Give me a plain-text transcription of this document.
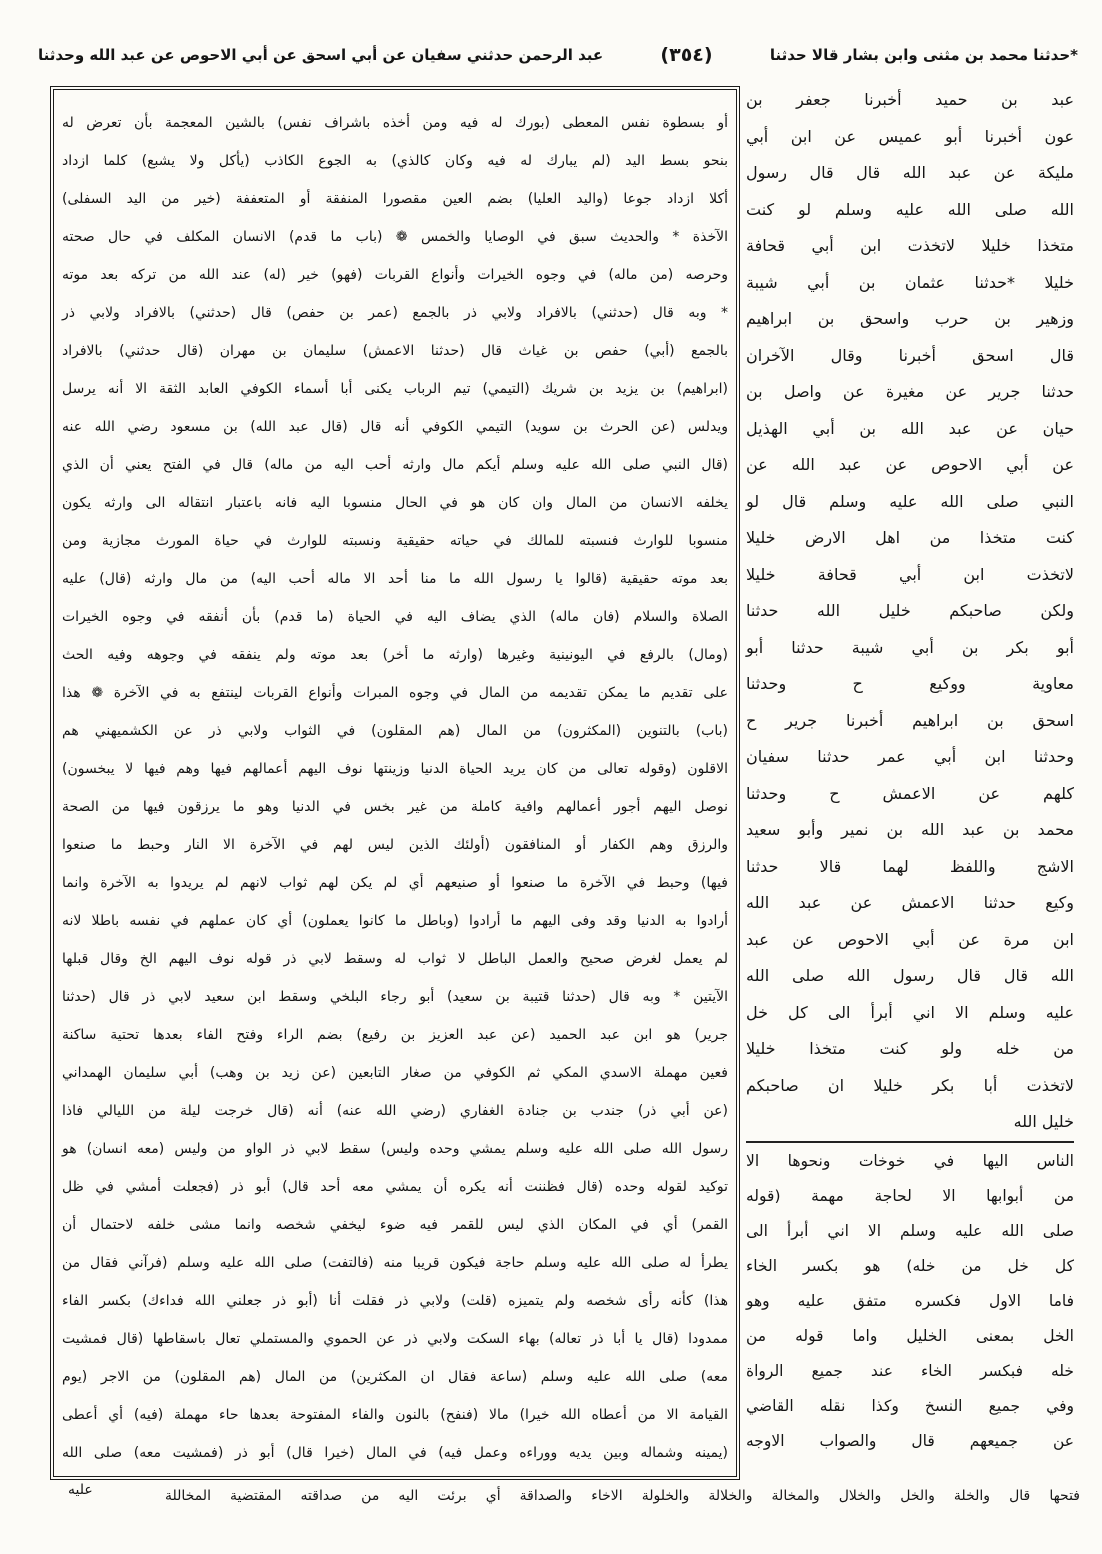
*حدثنا محمد بن مثنى وابن بشار قالا حدثنا
(٣٥٤)
عبد الرحمن حدثني سفيان عن أبي اسحق عن أبي الاحوص عن عبد الله وحدثنا
أو بسطوة نفس المعطى (بورك له فيه ومن أخذه باشراف نفس) بالشين المعجمة بأن تعرض له
بنحو بسط اليد (لم يبارك له فيه وكان كالذي) به الجوع الكاذب (يأكل ولا يشبع) كلما ازداد
أكلا ازداد جوعا (واليد العليا) بضم العين مقصورا المنفقة أو المتعففة (خير من اليد السفلى)
الآخذة * والحديث سبق في الوصايا والخمس ❁ (باب ما قدم) الانسان المكلف في حال صحته
وحرصه (من ماله) في وجوه الخيرات وأنواع القربات (فهو) خير (له) عند الله من تركه بعد موته
* وبه قال (حدثني) بالافراد ولابي ذر بالجمع (عمر بن حفص) قال (حدثني) بالافراد ولابي ذر
بالجمع (أبي) حفص بن غياث قال (حدثنا الاعمش) سليمان بن مهران (قال حدثني) بالافراد
(ابراهيم) بن يزيد بن شريك (التيمي) تيم الرباب يكنى أبا أسماء الكوفي العابد الثقة الا أنه يرسل
ويدلس (عن الحرث بن سويد) التيمي الكوفي أنه قال (قال عبد الله) بن مسعود رضي الله عنه
(قال النبي صلى الله عليه وسلم أيكم مال وارثه أحب اليه من ماله) قال في الفتح يعني أن الذي
يخلفه الانسان من المال وان كان هو في الحال منسوبا اليه فانه باعتبار انتقاله الى وارثه يكون
منسوبا للوارث فنسبته للمالك في حياته حقيقية ونسبته للوارث في حياة المورث مجازية ومن
بعد موته حقيقية (قالوا يا رسول الله ما منا أحد الا ماله أحب اليه) من مال وارثه (قال) عليه
الصلاة والسلام (فان ماله) الذي يضاف اليه في الحياة (ما قدم) بأن أنفقه في وجوه الخيرات
(ومال) بالرفع في اليونينية وغيرها (وارثه ما أخر) بعد موته ولم ينفقه في وجوهه وفيه الحث
على تقديم ما يمكن تقديمه من المال في وجوه المبرات وأنواع القربات لينتفع به في الآخرة ❁ هذا
(باب) بالتنوين (المكثرون) من المال (هم المقلون) في الثواب ولابي ذر عن الكشميهني هم
الاقلون (وقوله تعالى من كان يريد الحياة الدنيا وزينتها نوف اليهم أعمالهم فيها وهم فيها لا يبخسون)
نوصل اليهم أجور أعمالهم وافية كاملة من غير بخس في الدنيا وهو ما يرزقون فيها من الصحة
والرزق وهم الكفار أو المنافقون (أولئك الذين ليس لهم في الآخرة الا النار وحبط ما صنعوا
فيها) وحبط في الآخرة ما صنعوا أو صنيعهم أي لم يكن لهم ثواب لانهم لم يريدوا به الآخرة وانما
أرادوا به الدنيا وقد وفى اليهم ما أرادوا (وباطل ما كانوا يعملون) أي كان عملهم في نفسه باطلا لانه
لم يعمل لغرض صحيح والعمل الباطل لا ثواب له وسقط لابي ذر قوله نوف اليهم الخ وقال قبلها
الآيتين * وبه قال (حدثنا قتيبة بن سعيد) أبو رجاء البلخي وسقط ابن سعيد لابي ذر قال (حدثنا
جرير) هو ابن عبد الحميد (عن عبد العزيز بن رفيع) بضم الراء وفتح الفاء بعدها تحتية ساكنة
فعين مهملة الاسدي المكي ثم الكوفي من صغار التابعين (عن زيد بن وهب) أبي سليمان الهمداني
(عن أبي ذر) جندب بن جنادة الغفاري (رضي الله عنه) أنه (قال خرجت ليلة من الليالي فاذا
رسول الله صلى الله عليه وسلم يمشي وحده وليس) سقط لابي ذر الواو من وليس (معه انسان) هو
توكيد لقوله وحده (قال فظننت أنه يكره أن يمشي معه أحد قال) أبو ذر (فجعلت أمشي في ظل
القمر) أي في المكان الذي ليس للقمر فيه ضوء ليخفي شخصه وانما مشى خلفه لاحتمال أن
يطرأ له صلى الله عليه وسلم حاجة فيكون قريبا منه (فالتفت) صلى الله عليه وسلم (فرآني فقال من
هذا) كأنه رأى شخصه ولم يتميزه (قلت) ولابي ذر فقلت أنا (أبو ذر جعلني الله فداءك) بكسر الفاء
ممدودا (قال يا أبا ذر تعاله) بهاء السكت ولابي ذر عن الحموي والمستملي تعال باسقاطها (قال فمشيت
معه) صلى الله عليه وسلم (ساعة فقال ان المكثرين) من المال (هم المقلون) من الاجر (يوم
القيامة الا من أعطاه الله خيرا) مالا (فنفح) بالنون والفاء المفتوحة بعدها حاء مهملة (فيه) أي أعطى
(يمينه وشماله وبين يديه ووراءه وعمل فيه) في المال (خيرا قال) أبو ذر (فمشيت معه) صلى الله
عبد بن حميد أخبرنا جعفر بن
عون أخبرنا أبو عميس عن ابن أبي
مليكة عن عبد الله قال قال رسول
الله صلى الله عليه وسلم لو كنت
متخذا خليلا لاتخذت ابن أبي قحافة
خليلا *حدثنا عثمان بن أبي شيبة
وزهير بن حرب واسحق بن ابراهيم
قال اسحق أخبرنا وقال الآخران
حدثنا جرير عن مغيرة عن واصل بن
حيان عن عبد الله بن أبي الهذيل
عن أبي الاحوص عن عبد الله عن
النبي صلى الله عليه وسلم قال لو
كنت متخذا من اهل الارض خليلا
لاتخذت ابن أبي قحافة خليلا
ولكن صاحبكم خليل الله حدثنا
أبو بكر بن أبي شيبة حدثنا أبو
معاوية ووكيع ح وحدثنا
اسحق بن ابراهيم أخبرنا جرير ح
وحدثنا ابن أبي عمر حدثنا سفيان
كلهم عن الاعمش ح وحدثنا
محمد بن عبد الله بن نمير وأبو سعيد
الاشج واللفظ لهما قالا حدثنا
وكيع حدثنا الاعمش عن عبد الله
ابن مرة عن أبي الاحوص عن عبد
الله قال قال رسول الله صلى الله
عليه وسلم الا اني أبرأ الى كل خل
من خله ولو كنت متخذا خليلا
لاتخذت أبا بكر خليلا ان صاحبكم
خليل الله
الناس اليها في خوخات ونحوها الا
من أبوابها الا لحاجة مهمة (قوله
صلى الله عليه وسلم الا اني أبرأ الى
كل خل من خله) هو بكسر الخاء
فاما الاول فكسره متفق عليه وهو
الخل بمعنى الخليل واما قوله من
خله فبكسر الخاء عند جميع الرواة
وفي جميع النسخ وكذا نقله القاضي
عن جميعهم قال والصواب الاوجه
فتحها قال والخلة والخل والخلال والمخالة والخلالة والخلولة الاخاء والصداقة أي برئت اليه من صداقته المقتضية المخاللة
عليه
